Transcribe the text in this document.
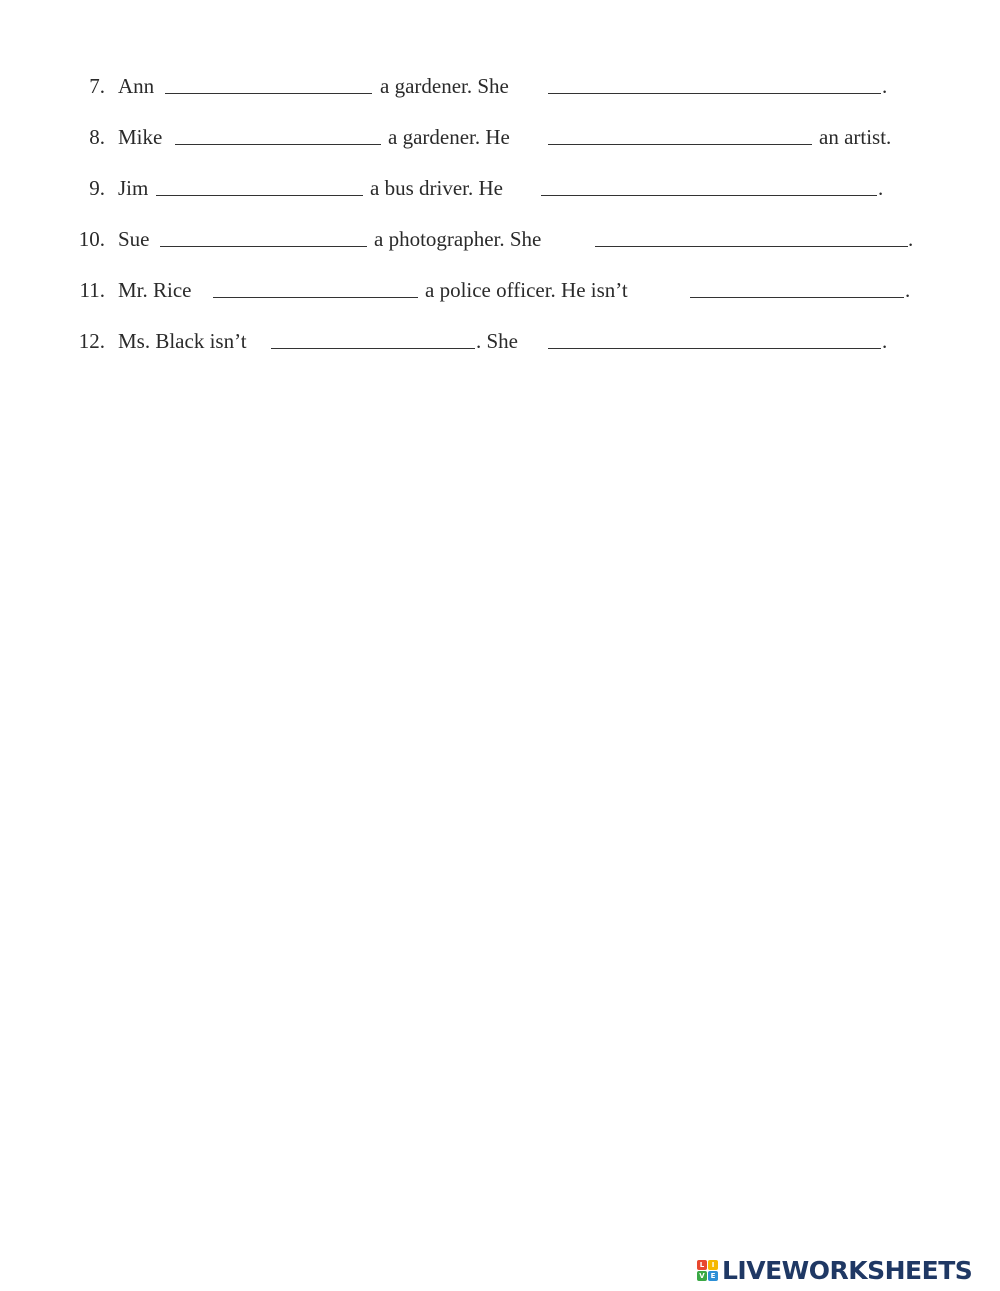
7. Ann	a gardener. She	.
8. Mike	a gardener. He	an artist.
9. Jim	a bus driver. He	.
10. Sue	a photographer. She	.
11. Mr. Rice	a police officer. He isn’t	.
12. Ms. Black isn’t	. She	.
L	I
V E LIVEWORKSHEETS
